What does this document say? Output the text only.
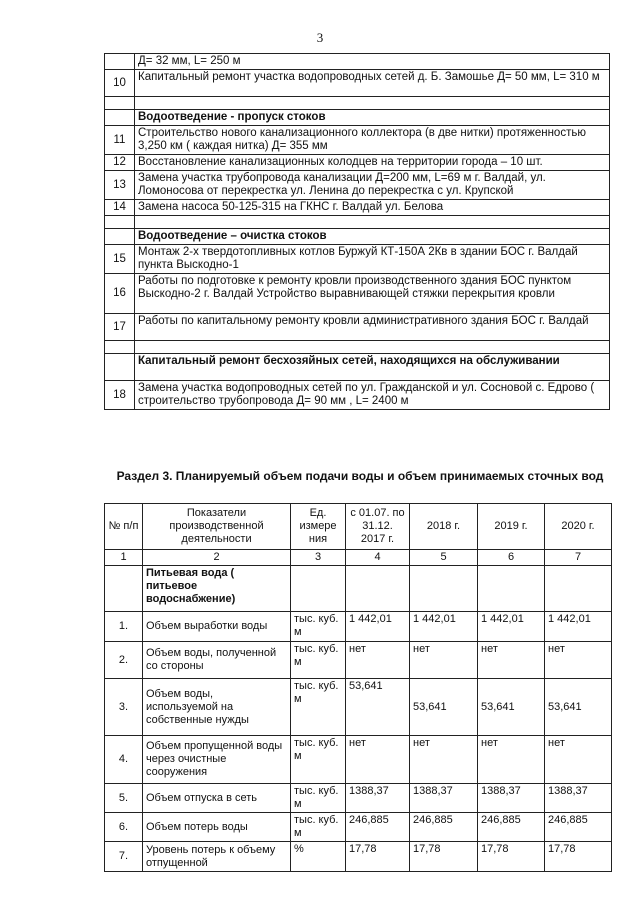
3
	Д= 32 мм, L= 250 м
10	Капитальный ремонт участка водопроводных сетей д. Б. Замошье Д= 50 мм, L= 310 м

	Водоотведение - пропуск стоков
11	Строительство нового канализационного коллектора (в две нитки) протяженностью 3,250 км ( каждая нитка) Д= 355 мм
12	Восстановление канализационных колодцев на территории города – 10 шт.
13	Замена участка трубопровода канализации Д=200 мм, L=69 м г. Валдай, ул. Ломоносова от перекрестка ул. Ленина до перекрестка с ул. Крупской
14	Замена насоса 50-125-315 на ГКНС г. Валдай ул. Белова

	Водоотведение – очистка стоков
15	Монтаж 2-х твердотопливных котлов Буржуй КТ-150А 2Кв в здании БОС г. Валдай пункта Выскодно-1
16	Работы по подготовке к ремонту кровли производственного здания БОС пунктом Выскодно-2 г. Валдай Устройство выравнивающей стяжки перекрытия кровли
17	Работы по капитальному ремонту кровли административного здания БОС г. Валдай

	Капитальный ремонт бесхозяйных сетей, находящихся на обслуживании
18	Замена участка водопроводных сетей по ул. Гражданской и ул. Сосновой с. Едрово ( строительство трубопровода Д= 90 мм , L= 2400 м
Раздел 3. Планируемый объем подачи воды и объем принимаемых сточных вод
№ п/п	Показатели производственной деятельности	Ед. измере ния	с 01.07. по 31.12. 2017 г.	2018 г.	2019 г.	2020 г.
1	2	3	4	5	6	7
	Питьевая вода ( питьевое водоснабжение)					
1.	Объем выработки воды	тыс. куб. м	1 442,01	1 442,01	1 442,01	1 442,01
2.	Объем воды, полученной со стороны	тыс. куб. м	нет	нет	нет	нет
3.	Объем воды, используемой на собственные нужды	тыс. куб. м	53,641	53,641	53,641	53,641
4.	Объем пропущенной воды через очистные сооружения	тыс. куб. м	нет	нет	нет	нет
5.	Объем отпуска в сеть	тыс. куб. м	1388,37	1388,37	1388,37	1388,37
6.	Объем потерь воды	тыс. куб. м	246,885	246,885	246,885	246,885
7.	Уровень потерь к объему отпущенной	%	17,78	17,78	17,78	17,78
